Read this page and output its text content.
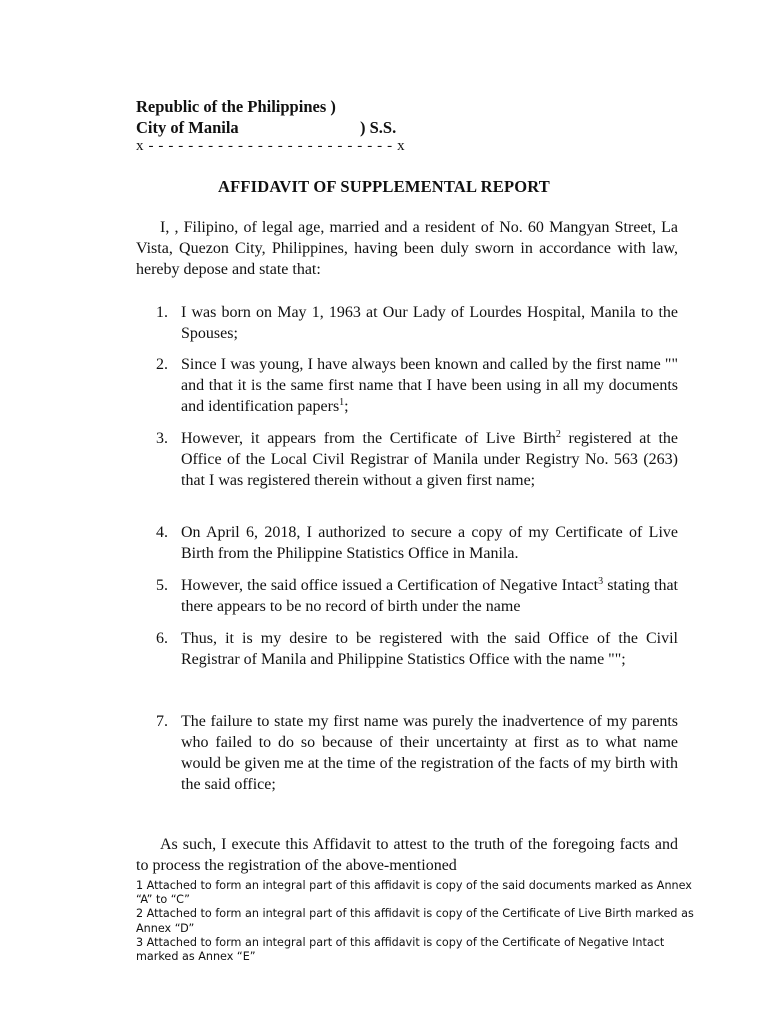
Republic of the Philippines )
City of Manila	) S.S.
x - - - - - - - - - - - - - - - - - - - - - - - - - x
AFFIDAVIT OF SUPPLEMENTAL REPORT
I, , Filipino, of legal age, married and a resident of No. 60 Mangyan Street, La Vista, Quezon City, Philippines, having been duly sworn in accordance with law, hereby depose and state that:
1. I was born on May 1, 1963 at Our Lady of Lourdes Hospital, Manila to the Spouses;
2. Since I was young, I have always been known and called by the first name "" and that it is the same first name that I have been using in all my documents and identification papers$^1$;
3. However, it appears from the Certificate of Live Birth$^2$ registered at the Office of the Local Civil Registrar of Manila under Registry No. 563 (263) that I was registered therein without a given first name;
4. On April 6, 2018, I authorized to secure a copy of my Certificate of Live Birth from the Philippine Statistics Office in Manila.
5. However, the said office issued a Certification of Negative Intact$^3$ stating that there appears to be no record of birth under the name
6. Thus, it is my desire to be registered with the said Office of the Civil Registrar of Manila and Philippine Statistics Office with the name "";
7. The failure to state my first name was purely the inadvertence of my parents who failed to do so because of their uncertainty at first as to what name would be given me at the time of the registration of the facts of my birth with the said office;
As such, I execute this Affidavit to attest to the truth of the foregoing facts and to process the registration of the above-mentioned
1 Attached to form an integral part of this affidavit is copy of the said documents marked as Annex “A” to “C”
2 Attached to form an integral part of this affidavit is copy of the Certificate of Live Birth marked as Annex “D”
3 Attached to form an integral part of this affidavit is copy of the Certificate of Negative Intact marked as Annex “E”
